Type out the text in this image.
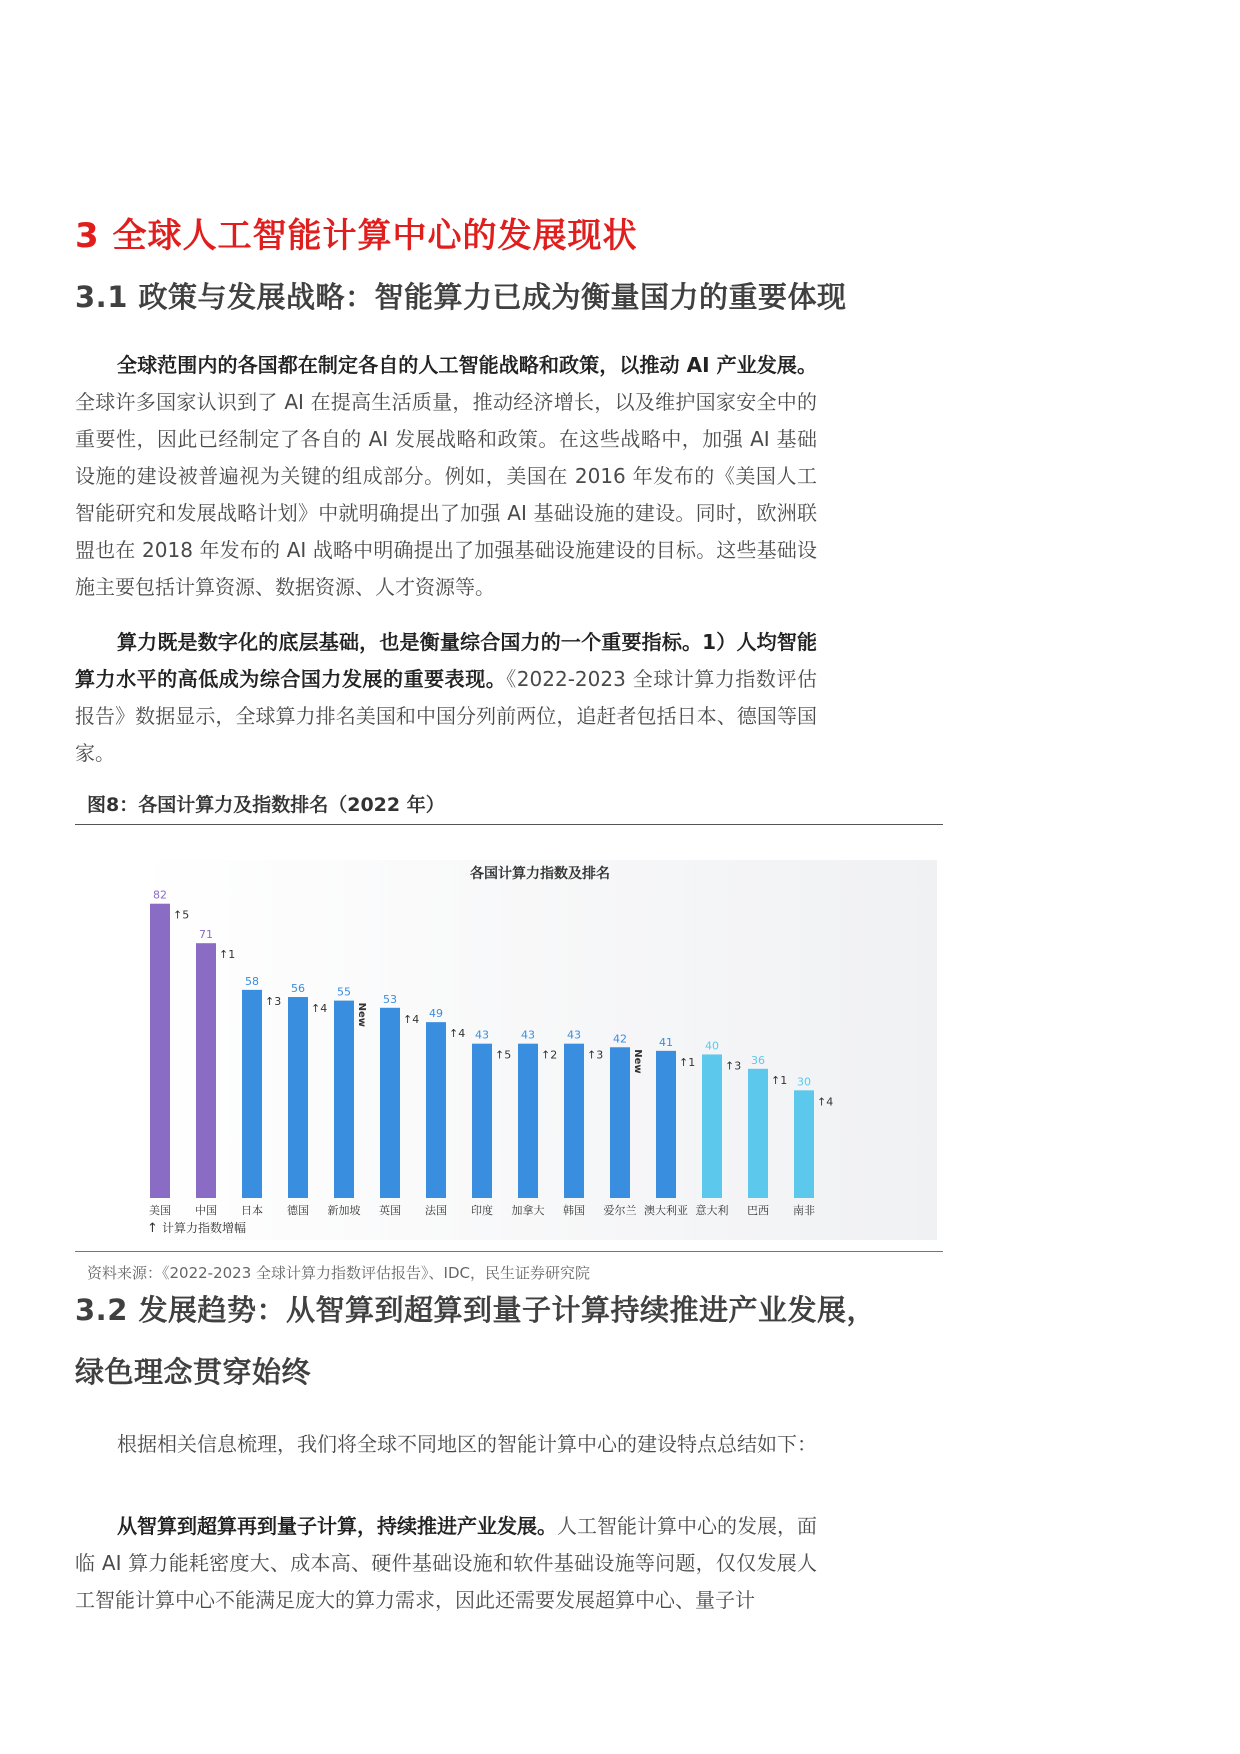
3 全球人工智能计算中心的发展现状
3.1 政策与发展战略：智能算力已成为衡量国力的重要体现
全球范围内的各国都在制定各自的人工智能战略和政策，以推动 AI 产业发展。全球许多国家认识到了 AI 在提高生活质量，推动经济增长，以及维护国家安全中的重要性，因此已经制定了各自的 AI 发展战略和政策。在这些战略中，加强 AI 基础设施的建设被普遍视为关键的组成部分。例如，美国在 2016 年发布的《美国人工智能研究和发展战略计划》中就明确提出了加强 AI 基础设施的建设。同时，欧洲联盟也在 2018 年发布的 AI 战略中明确提出了加强基础设施建设的目标。这些基础设施主要包括计算资源、数据资源、人才资源等。
算力既是数字化的底层基础，也是衡量综合国力的一个重要指标。1）人均智能算力水平的高低成为综合国力发展的重要表现。《2022-2023 全球计算力指数评估报告》数据显示，全球算力排名美国和中国分列前两位，追赶者包括日本、德国等国家。
图8：各国计算力及指数排名（2022 年）
各国计算力指数及排名
82
↑5
美国
71
↑1
中国
58
↑3
日本
56
↑4
德国
55
New
新加坡
53
↑4
英国
49
↑4
法国
43
↑5
印度
43
↑2
加拿大
43
↑3
韩国
42
New
爱尔兰
41
↑1
澳大利亚
40
↑3
意大利
36
↑1
巴西
30
↑4
南非
↑ 计算力指数增幅
资料来源：《2022-2023 全球计算力指数评估报告》、IDC，民生证券研究院
3.2 发展趋势：从智算到超算到量子计算持续推进产业发展，
绿色理念贯穿始终
根据相关信息梳理，我们将全球不同地区的智能计算中心的建设特点总结如下：
从智算到超算再到量子计算，持续推进产业发展。人工智能计算中心的发展，面临 AI 算力能耗密度大、成本高、硬件基础设施和软件基础设施等问题，仅仅发展人工智能计算中心不能满足庞大的算力需求，因此还需要发展超算中心、量子计
